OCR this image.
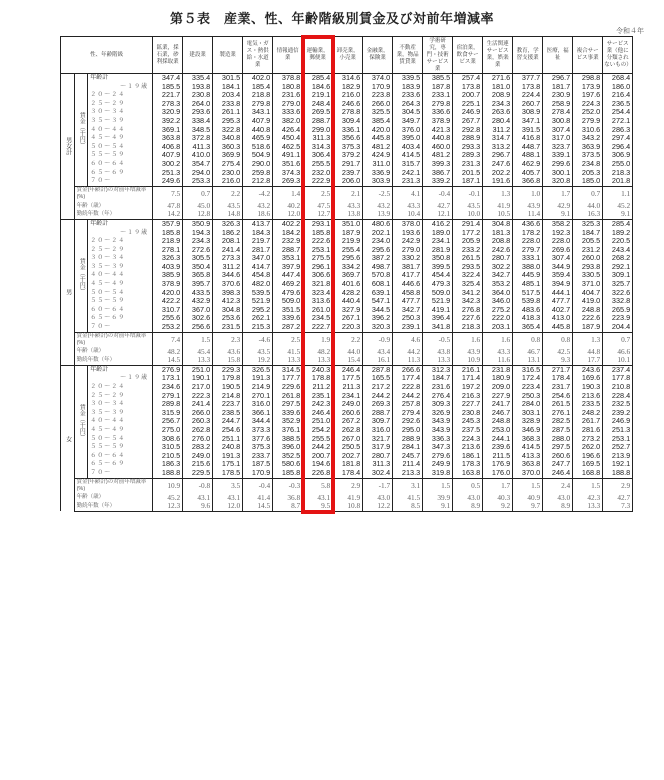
第５表　産業、性、年齢階級別賃金及び対前年増減率
令和４年
性、年齢階級			鉱業，採石業，砂利採取業	建設業	製造業	電気・ガス・熱供給・水道業	情報通信業	運輸業，郵便業	卸売業，小売業	金融業，保険業	不動産業，物品賃貸業	学術研究，専門・技術サービス業	宿泊業，飲食サービス業	生活関連サービス業，娯楽業	教育，学習支援業	医療，福祉	複合サービス事業	サービス業（他に分類されないもの）
男女計	賃金（千円）	年齢計	347.4	335.4	301.5	402.0	378.8	285.4	314.6	374.0	339.5	385.5	257.4	271.6	377.7	296.7	298.8	268.4
		～１９歳	185.5	193.8	184.1	185.4	180.8	184.6	182.9	170.9	183.9	187.8	173.8	181.0	173.8	181.7	173.9	186.0
		２０～２４	221.7	230.8	203.4	218.8	231.6	219.1	216.0	223.8	233.6	233.1	200.7	208.9	224.4	230.9	197.6	216.4
		２５～２９	278.3	264.0	233.8	279.8	279.0	248.4	246.6	266.0	264.3	279.8	225.1	234.3	260.7	258.9	224.3	236.5
		３０～３４	320.9	293.6	261.1	343.1	333.6	269.5	278.8	325.5	304.5	336.6	246.9	263.6	308.9	278.4	252.0	254.4
		３５～３９	392.2	338.4	295.3	407.9	382.0	288.7	309.4	385.4	349.7	378.9	267.7	280.4	347.1	300.8	279.9	272.1
		４０～４４	369.1	348.5	322.8	440.8	426.4	299.0	336.1	420.0	376.0	421.3	292.8	311.2	391.5	307.4	310.6	286.3
		４５～４９	363.8	372.8	340.8	465.9	450.4	311.3	356.6	445.8	395.0	440.8	288.9	314.7	416.8	317.0	343.2	297.4
		５０～５４	406.8	411.3	360.3	518.6	462.5	314.3	375.3	481.2	403.4	460.0	293.3	313.2	448.7	323.7	363.9	296.4
		５５～５９	407.9	410.0	369.9	504.9	491.1	306.4	379.2	424.9	414.5	481.2	289.3	296.7	488.1	339.1	373.5	306.9
		６０～６４	300.2	354.7	275.4	290.0	351.6	255.5	291.7	311.0	315.7	399.3	231.3	247.6	462.9	299.6	234.8	255.0
		６５～６９	251.3	294.0	230.0	259.8	374.3	232.0	239.7	336.9	242.1	386.7	201.5	202.2	405.7	300.1	205.3	218.3
		７０～	249.6	253.3	216.0	212.8	269.3	222.9	206.0	303.9	231.3	339.2	187.1	191.6	366.8	320.8	185.0	201.8
	賃金(年齢計)の対前年増減率(%)		7.5	0.7	2.2	-4.2	1.4	2.5	2.1	-2.5	4.1	-0.4	-0.1	1.3	1.0	1.7	0.7	1.1
	年齢（歳）		47.8	45.0	43.5	43.2	40.2	47.5	43.3	43.2	43.3	42.7	43.5	41.9	43.9	42.9	44.0	45.2
	勤続年数（年）		14.2	12.8	14.8	18.6	12.0	12.7	13.8	13.9	10.4	12.1	10.0	10.5	11.4	9.1	16.3	9.1
男	賃金（千円）	年齢計	357.9	350.9	326.3	413.7	402.2	293.1	351.0	480.6	378.0	416.2	291.4	304.8	436.6	358.2	325.3	285.4
		～１９歳	185.8	194.3	186.2	184.3	184.2	185.8	187.9	202.1	193.6	189.0	177.2	181.3	178.2	192.3	184.7	189.2
		２０～２４	218.9	234.3	208.1	219.7	232.9	222.6	219.9	234.0	242.9	234.1	205.9	208.8	228.0	228.0	205.5	220.5
		２５～２９	278.1	272.6	241.4	281.7	288.7	253.1	255.4	295.6	279.0	281.9	233.2	242.6	279.7	269.6	231.2	243.4
		３０～３４	326.3	305.5	273.3	347.0	353.1	275.5	295.6	387.2	330.2	350.8	261.5	280.7	333.1	307.4	260.0	268.2
		３５～３９	403.9	350.4	311.2	414.7	397.9	296.1	334.2	498.7	381.7	399.5	293.5	302.2	388.0	344.9	293.8	292.1
		４０～４４	385.9	365.8	344.6	454.8	447.4	306.6	369.7	570.8	417.7	454.4	322.4	342.7	445.9	359.4	330.5	309.1
		４５～４９	378.9	395.7	370.6	482.0	469.2	321.8	401.6	608.1	446.6	479.3	325.4	353.2	485.1	394.9	371.0	325.7
		５０～５４	420.0	433.5	398.3	539.5	479.6	323.4	428.2	639.1	458.8	509.0	341.2	364.0	517.5	444.1	404.7	322.6
		５５～５９	422.2	432.9	412.3	521.9	509.0	313.6	440.4	547.1	477.7	521.9	342.3	346.0	539.8	477.7	419.0	332.8
		６０～６４	310.7	367.0	304.8	295.2	351.5	261.0	327.9	344.5	342.7	419.1	276.8	275.2	483.6	402.7	248.8	265.9
		６５～６９	255.6	302.6	253.6	262.1	339.6	234.5	267.1	396.2	250.3	396.4	227.6	222.0	418.3	413.0	222.6	223.9
		７０～	253.2	256.6	231.5	215.3	287.2	222.7	220.3	320.3	239.1	341.8	218.3	203.1	365.4	445.8	187.9	204.4
	賃金(年齢計)の対前年増減率(%)		7.4	1.5	2.3	-4.6	2.5	1.9	2.2	-0.9	4.6	-0.5	1.6	1.6	0.8	0.8	1.3	0.7
	年齢（歳）		48.2	45.4	43.6	43.5	41.5	48.2	44.0	43.4	44.2	43.8	43.9	43.3	46.7	42.5	44.8	46.6
	勤続年数（年）		14.5	13.3	15.8	19.2	13.3	13.3	15.4	16.1	11.3	13.3	10.9	11.6	13.1	9.3	17.7	10.1
女	賃金（千円）	年齢計	276.9	251.0	229.3	326.5	314.5	240.3	246.4	287.8	266.6	312.3	216.1	231.8	316.5	271.7	243.6	237.4
		～１９歳	173.1	190.1	179.8	191.3	177.7	178.8	177.5	165.5	177.4	184.7	171.4	180.9	172.4	178.4	169.6	177.8
		２０～２４	234.6	217.0	190.5	214.9	229.6	211.2	211.3	217.2	222.8	231.6	197.2	209.0	223.4	231.7	190.3	210.8
		２５～２９	279.1	222.3	214.8	270.1	261.8	235.1	234.1	244.2	244.2	276.4	216.3	227.9	250.3	254.6	213.6	228.4
		３０～３４	289.8	241.4	223.7	316.0	297.5	242.3	249.0	269.3	257.8	309.3	227.7	241.7	284.0	261.5	233.5	232.5
		３５～３９	315.9	266.0	238.5	366.1	339.6	246.4	260.6	288.7	279.4	326.9	230.8	246.7	303.1	276.1	248.2	239.2
		４０～４４	256.7	260.3	244.7	344.4	352.9	251.0	267.2	309.7	292.6	343.9	245.3	248.8	328.9	282.5	261.7	246.9
		４５～４９	275.0	262.8	254.6	373.3	376.1	254.2	262.8	316.0	295.0	343.9	237.5	253.0	346.9	287.5	281.6	251.3
		５０～５４	308.6	276.0	251.1	377.6	388.5	255.5	267.0	321.7	288.9	336.3	224.3	244.1	368.3	288.0	273.2	253.1
		５５～５９	310.5	283.2	240.8	375.3	396.0	244.2	250.5	317.9	284.1	347.3	213.6	239.6	414.5	297.5	262.0	252.7
		６０～６４	210.5	249.0	191.3	233.7	352.5	200.7	202.7	280.7	245.7	279.6	186.1	211.5	413.3	260.6	196.6	213.9
		６５～６９	186.3	215.6	175.1	187.5	580.6	194.6	181.8	311.3	211.4	249.9	178.3	176.9	363.8	247.7	169.5	192.1
		７０～	188.8	229.5	178.5	170.9	185.8	226.8	178.4	302.4	213.3	319.8	163.8	176.0	370.0	246.4	168.8	188.8
	賃金(年齢計)の対前年増減率(%)		10.9	-0.8	3.5	-0.4	-0.3	5.8	2.9	-1.7	3.1	1.5	0.5	1.7	1.5	2.4	1.5	2.9
	年齢（歳）		45.2	43.1	43.1	41.4	36.8	43.1	41.9	43.0	41.5	39.9	43.0	40.3	40.9	43.0	42.3	42.7
	勤続年数（年）		12.3	9.6	12.0	14.5	8.7	9.5	10.8	12.2	8.5	9.1	8.9	9.2	9.7	8.9	13.3	7.3
